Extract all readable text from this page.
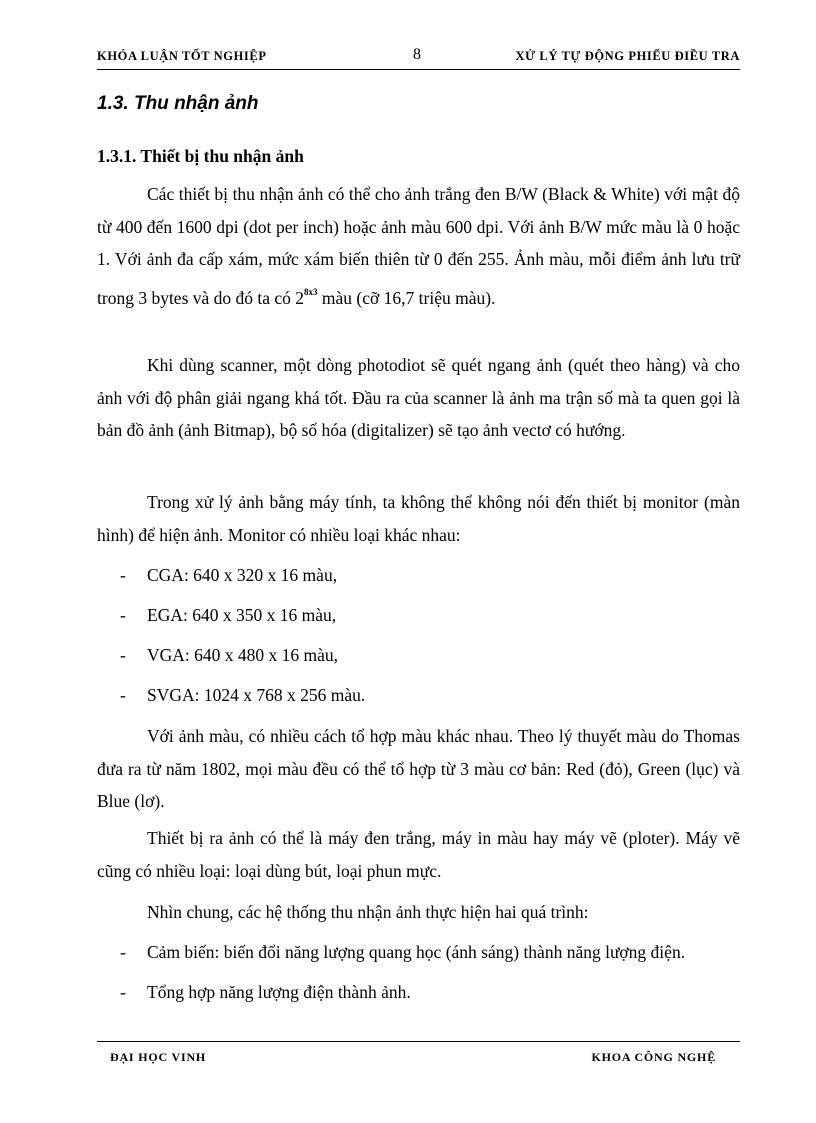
KHÓA LUẬN TỐT NGHIỆP	8	XỬ LÝ TỰ ĐỘNG PHIẾU ĐIỀU TRA
1.3. Thu nhận ảnh
1.3.1. Thiết bị thu nhận ảnh

Các thiết bị thu nhận ảnh có thể cho ảnh trắng đen B/W (Black & White) với mật độ từ 400 đến 1600 dpi (dot per inch) hoặc ảnh màu 600 dpi. Với ảnh B/W mức màu là 0 hoặc 1. Với ảnh đa cấp xám, mức xám biến thiên từ 0 đến 255. Ảnh màu, mỗi điểm ảnh lưu trữ trong 3 bytes và do đó ta có $2^{8x3}$ màu (cỡ 16,7 triệu màu).

Khi dùng scanner, một dòng photodiot sẽ quét ngang ảnh (quét theo hàng) và cho ảnh với độ phân giải ngang khá tốt. Đầu ra của scanner là ảnh ma trận số mà ta quen gọi là bản đồ ảnh (ảnh Bitmap), bộ số hóa (digitalizer) sẽ tạo ảnh vectơ có hướng.

Trong xử lý ảnh bằng máy tính, ta không thể không nói đến thiết bị monitor (màn hình) để hiện ảnh. Monitor có nhiều loại khác nhau:

- CGA: 640 x 320 x 16 màu,
- EGA: 640 x 350 x 16 màu,
- VGA: 640 x 480 x 16 màu,
- SVGA: 1024 x 768 x 256 màu.

Với ảnh màu, có nhiều cách tổ hợp màu khác nhau. Theo lý thuyết màu do Thomas đưa ra từ năm 1802, mọi màu đều có thể tổ hợp từ 3 màu cơ bản: Red (đỏ), Green (lục) và Blue (lơ).

Thiết bị ra ảnh có thể là máy đen trắng, máy in màu hay máy vẽ (ploter). Máy vẽ cũng có nhiều loại: loại dùng bút, loại phun mực.

Nhìn chung, các hệ thống thu nhận ảnh thực hiện hai quá trình:

- Cảm biến: biến đổi năng lượng quang học (ánh sáng) thành năng lượng điện.
- Tổng hợp năng lượng điện thành ảnh.
ĐẠI HỌC VINH	KHOA CÔNG NGHỆ
